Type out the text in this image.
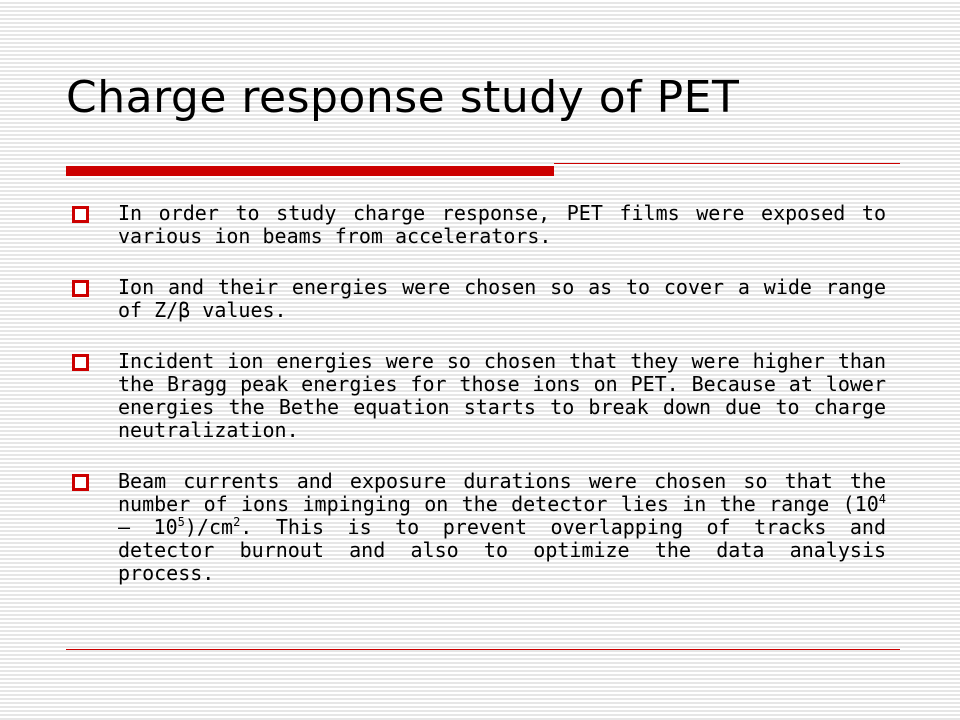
Charge response study of PET
In order to study charge response, PET films were exposed to various ion beams from accelerators.
Ion and their energies were chosen so as to cover a wide range of Z/β values.
Incident ion energies were so chosen that they were higher than the Bragg peak energies for those ions on PET. Because at lower energies the Bethe equation starts to break down due to charge neutralization.
Beam currents and exposure durations were chosen so that the number of ions impinging on the detector lies in the range $(10^4 - 10^5)/cm^2$. This is to prevent overlapping of tracks and detector burnout and also to optimize the data analysis process.
